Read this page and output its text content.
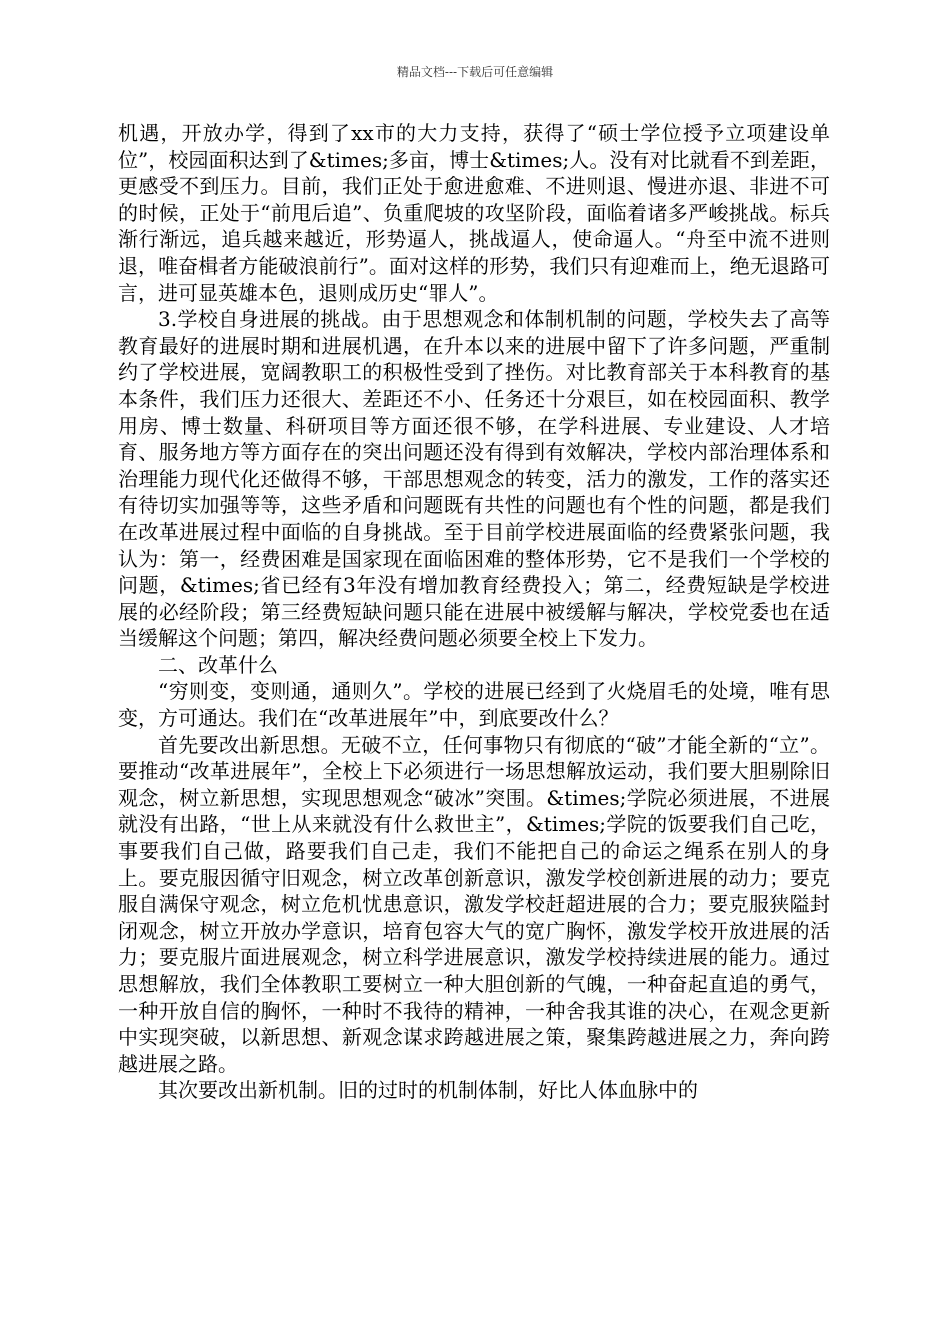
精品文档---下载后可任意编辑

机遇，开放办学，得到了xx市的大力支持，获得了“硕士学位授予立项建设单位”，校园面积达到了&times;多亩，博士&times;人。没有对比就看不到差距，更感受不到压力。目前，我们正处于愈进愈难、不进则退、慢进亦退、非进不可的时候，正处于“前甩后追”、负重爬坡的攻坚阶段，面临着诸多严峻挑战。标兵渐行渐远，追兵越来越近，形势逼人，挑战逼人，使命逼人。“舟至中流不进则退，唯奋楫者方能破浪前行”。面对这样的形势，我们只有迎难而上，绝无退路可言，进可显英雄本色，退则成历史“罪人”。

3.学校自身进展的挑战。由于思想观念和体制机制的问题，学校失去了高等教育最好的进展时期和进展机遇，在升本以来的进展中留下了许多问题，严重制约了学校进展，宽阔教职工的积极性受到了挫伤。对比教育部关于本科教育的基本条件，我们压力还很大、差距还不小、任务还十分艰巨，如在校园面积、教学用房、博士数量、科研项目等方面还很不够，在学科进展、专业建设、人才培育、服务地方等方面存在的突出问题还没有得到有效解决，学校内部治理体系和治理能力现代化还做得不够，干部思想观念的转变，活力的激发，工作的落实还有待切实加强等等，这些矛盾和问题既有共性的问题也有个性的问题，都是我们在改革进展过程中面临的自身挑战。至于目前学校进展面临的经费紧张问题，我认为：第一，经费困难是国家现在面临困难的整体形势，它不是我们一个学校的问题，&times;省已经有3年没有增加教育经费投入；第二，经费短缺是学校进展的必经阶段；第三经费短缺问题只能在进展中被缓解与解决，学校党委也在适当缓解这个问题；第四，解决经费问题必须要全校上下发力。

二、改革什么

“穷则变，变则通，通则久”。学校的进展已经到了火烧眉毛的处境，唯有思变，方可通达。我们在“改革进展年”中，到底要改什么？

首先要改出新思想。无破不立，任何事物只有彻底的“破”才能全新的“立”。要推动“改革进展年”，全校上下必须进行一场思想解放运动，我们要大胆剔除旧观念，树立新思想，实现思想观念“破冰”突围。&times;学院必须进展，不进展就没有出路，“世上从来就没有什么救世主”，&times;学院的饭要我们自己吃，事要我们自己做，路要我们自己走，我们不能把自己的命运之绳系在别人的身上。要克服因循守旧观念，树立改革创新意识，激发学校创新进展的动力；要克服自满保守观念，树立危机忧患意识，激发学校赶超进展的合力；要克服狭隘封闭观念，树立开放办学意识，培育包容大气的宽广胸怀，激发学校开放进展的活力；要克服片面进展观念，树立科学进展意识，激发学校持续进展的能力。通过思想解放，我们全体教职工要树立一种大胆创新的气魄，一种奋起直追的勇气，一种开放自信的胸怀，一种时不我待的精神，一种舍我其谁的决心，在观念更新中实现突破，以新思想、新观念谋求跨越进展之策，聚集跨越进展之力，奔向跨越进展之路。

其次要改出新机制。旧的过时的机制体制，好比人体血脉中的
